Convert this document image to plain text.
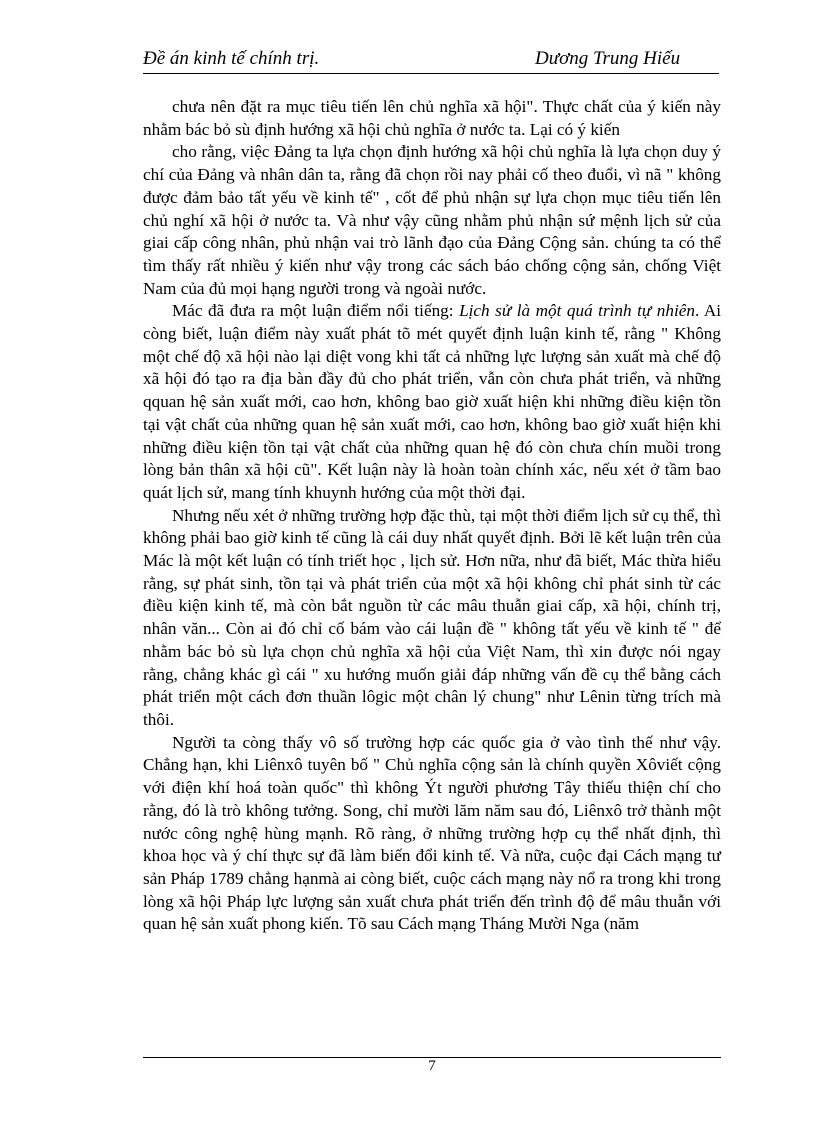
Đề án kinh tế chính trị.	Dương Trung Hiếu

chưa nên đặt ra mục tiêu tiến lên chủ nghĩa xã hội". Thực chất của ý kiến này nhằm bác bỏ sù định hướng xã hội chủ nghĩa ở nước ta. Lại có ý kiến

cho rằng, việc Đảng ta lựa chọn định hướng xã hội chủ nghĩa là lựa chọn duy ý chí của Đảng và nhân dân ta, rằng đã chọn rồi nay phải cố theo đuổi, vì nã " không được đảm bảo tất yếu về kinh tế" , cốt để phủ nhận sự lựa chọn mục tiêu tiến lên chủ nghí xã hội ở nước ta. Và như vậy cũng nhằm phủ nhận sứ mệnh lịch sử của giai cấp công nhân, phủ nhận vai trò lãnh đạo của Đảng Cộng sản. chúng ta có thể tìm thấy rất nhiều ý kiến như vậy trong các sách báo chống cộng sản, chống Việt Nam của đủ mọi hạng người trong và ngoài nước.

Mác đã đưa ra một luận điểm nổi tiếng: Lịch sử là một quá trình tự nhiên. Ai còng biết, luận điểm này xuất phát tõ mét quyết định luận kinh tế, rằng " Không một chế độ xã hội nào lại diệt vong khi tất cả những lực lượng sản xuất mà chế độ xã hội đó tạo ra địa bàn đầy đủ cho phát triển, vẫn còn chưa phát triển, và những qquan hệ sản xuất mới, cao hơn, không bao giờ xuất hiện khi những điều kiện tồn tại vật chất của những quan hệ sản xuất mới, cao hơn, không bao giờ xuất hiện khi những điều kiện tồn tại vật chất của những quan hệ đó còn chưa chín muồi trong lòng bản thân xã hội cũ". Kết luận này là hoàn toàn chính xác, nếu xét ở tầm bao quát lịch sử, mang tính khuynh hướng của một thời đại.

Nhưng nếu xét ở những trường hợp đặc thù, tại một thời điểm lịch sử cụ thể, thì không phải bao giờ kinh tế cũng là cái duy nhất quyết định. Bởi lẽ kết luận trên của Mác là một kết luận có tính triết học , lịch sử. Hơn nữa, như đã biết, Mác thừa hiểu rằng, sự phát sinh, tồn tại và phát triển của một xã hội không chỉ phát sinh từ các điều kiện kinh tế, mà còn bắt nguồn từ các mâu thuẫn giai cấp, xã hội, chính trị, nhân văn... Còn ai đó chỉ cố bám vào cái luận đề " không tất yếu về kinh tế " để nhằm bác bỏ sù lựa chọn chủ nghĩa xã hội của Việt Nam, thì xin được nói ngay rằng, chẳng khác gì cái " xu hướng muốn giải đáp những vấn đề cụ thể bằng cách phát triển một cách đơn thuần lôgic một chân lý chung" như Lênin từng trích mà thôi.

Người ta còng thấy vô số trường hợp các quốc gia ở vào tình thế như vậy. Chẳng hạn, khi Liênxô tuyên bố " Chủ nghĩa cộng sản là chính quyền Xôviết cộng với điện khí hoá toàn quốc" thì không Ýt người phương Tây thiếu thiện chí cho rằng, đó là trò không tưởng. Song, chỉ mười lăm năm sau đó, Liênxô trở thành một nước công nghệ hùng mạnh. Rõ ràng, ở những trường hợp cụ thể nhất định, thì khoa học và ý chí thực sự đã làm biến đổi kinh tế. Và nữa, cuộc đại Cách mạng tư sản Pháp 1789 chẳng hạnmà ai còng biết, cuộc cách mạng này nổ ra trong khi trong lòng xã hội Pháp lực lượng sản xuất chưa phát triển đến trình độ để mâu thuẫn với quan hệ sản xuất phong kiến. Tõ sau Cách mạng Tháng Mười Nga (năm

7
